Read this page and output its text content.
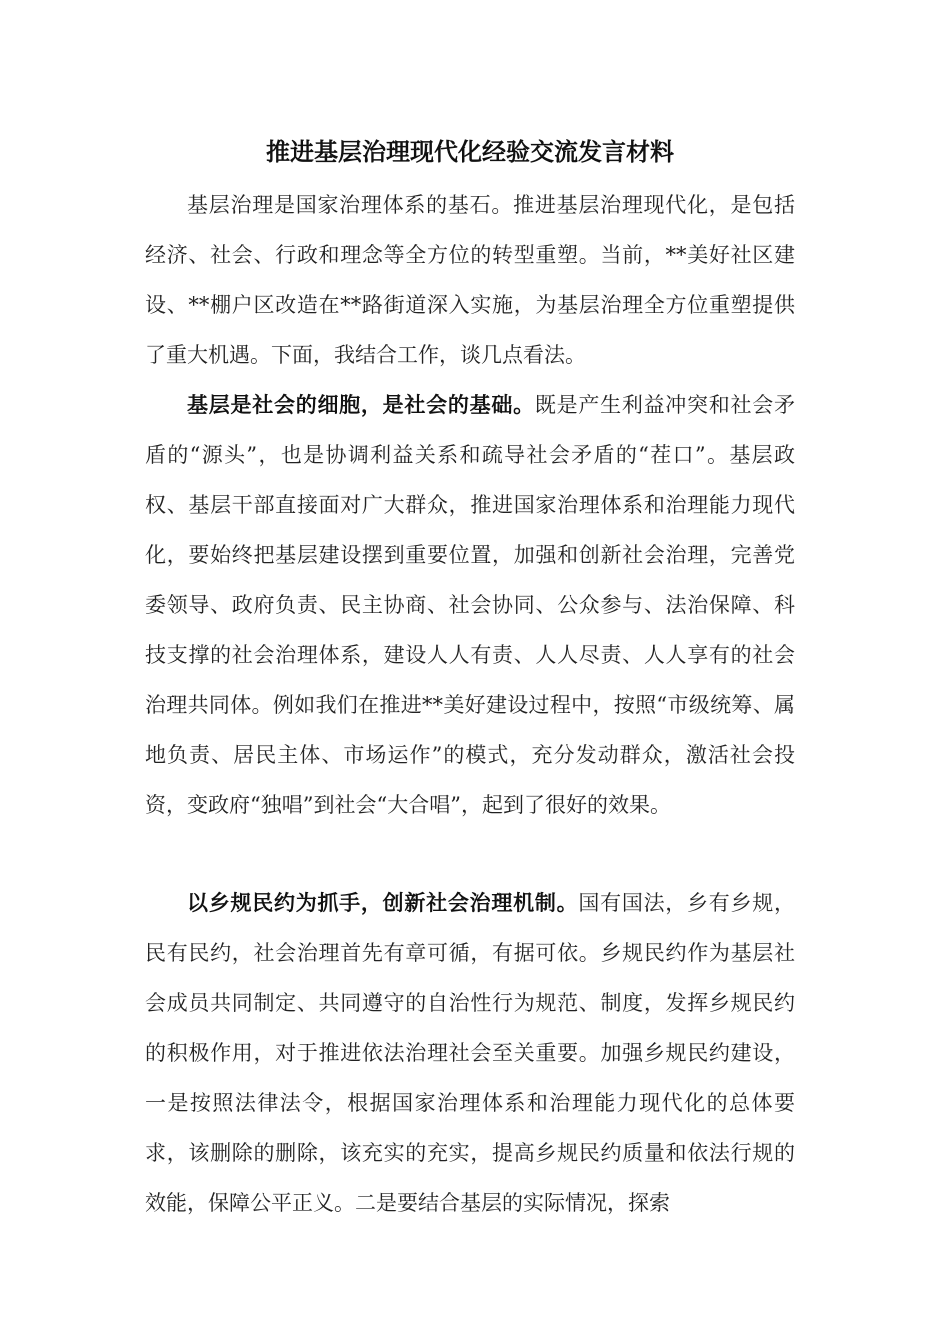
推进基层治理现代化经验交流发言材料

基层治理是国家治理体系的基石。推进基层治理现代化，是包括经济、社会、行政和理念等全方位的转型重塑。当前，**美好社区建设、**棚户区改造在**路街道深入实施，为基层治理全方位重塑提供了重大机遇。下面，我结合工作，谈几点看法。

基层是社会的细胞，是社会的基础。既是产生利益冲突和社会矛盾的“源头”，也是协调利益关系和疏导社会矛盾的“茬口”。基层政权、基层干部直接面对广大群众，推进国家治理体系和治理能力现代化，要始终把基层建设摆到重要位置，加强和创新社会治理，完善党委领导、政府负责、民主协商、社会协同、公众参与、法治保障、科技支撑的社会治理体系，建设人人有责、人人尽责、人人享有的社会治理共同体。例如我们在推进**美好建设过程中，按照“市级统筹、属地负责、居民主体、市场运作”的模式，充分发动群众，激活社会投资，变政府“独唱”到社会“大合唱”，起到了很好的效果。

以乡规民约为抓手，创新社会治理机制。国有国法，乡有乡规，民有民约，社会治理首先有章可循，有据可依。乡规民约作为基层社会成员共同制定、共同遵守的自治性行为规范、制度，发挥乡规民约的积极作用，对于推进依法治理社会至关重要。加强乡规民约建设，一是按照法律法令，根据国家治理体系和治理能力现代化的总体要求，该删除的删除，该充实的充实，提高乡规民约质量和依法行规的效能，保障公平正义。二是要结合基层的实际情况，探索
